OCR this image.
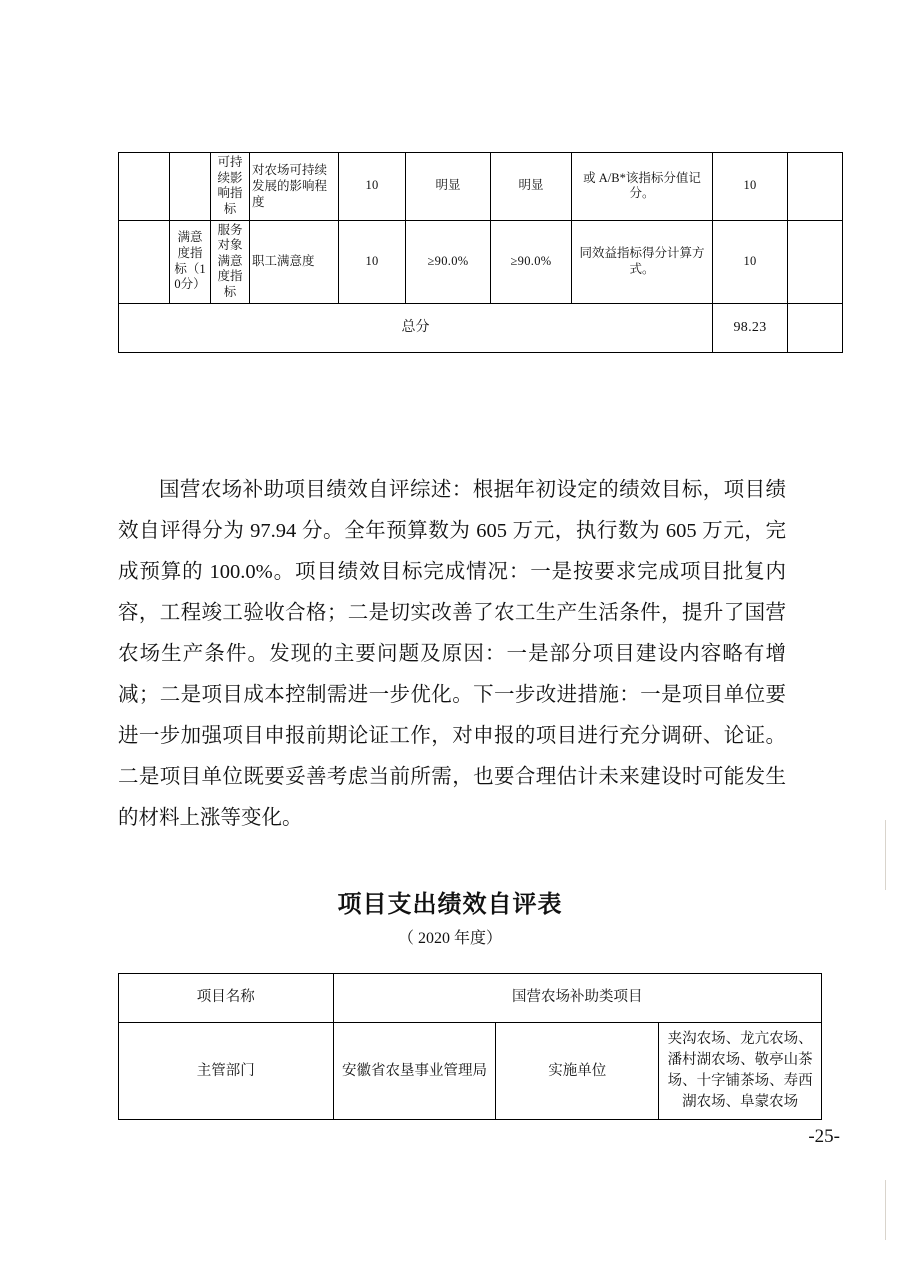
		可持续影响指标	对农场可持续发展的影响程度	10	明显	明显	或 A/B*该指标分值记分。	10	
	满意度指标（10分）	服务对象满意度指标	职工满意度	10	≥90.0%	≥90.0%	同效益指标得分计算方式。	10	
总分								98.23	
国营农场补助项目绩效自评综述：根据年初设定的绩效目标，项目绩效自评得分为 97.94 分。全年预算数为 605 万元，执行数为 605 万元，完成预算的 100.0%。项目绩效目标完成情况：一是按要求完成项目批复内容，工程竣工验收合格；二是切实改善了农工生产生活条件，提升了国营农场生产条件。发现的主要问题及原因：一是部分项目建设内容略有增减；二是项目成本控制需进一步优化。下一步改进措施：一是项目单位要进一步加强项目申报前期论证工作，对申报的项目进行充分调研、论证。二是项目单位既要妥善考虑当前所需，也要合理估计未来建设时可能发生的材料上涨等变化。
项目支出绩效自评表
（ 2020 年度）
项目名称	国营农场补助类项目		
主管部门	安徽省农垦事业管理局	实施单位	夹沟农场、龙亢农场、潘村湖农场、敬亭山茶场、十字铺茶场、寿西湖农场、阜蒙农场
-25-
